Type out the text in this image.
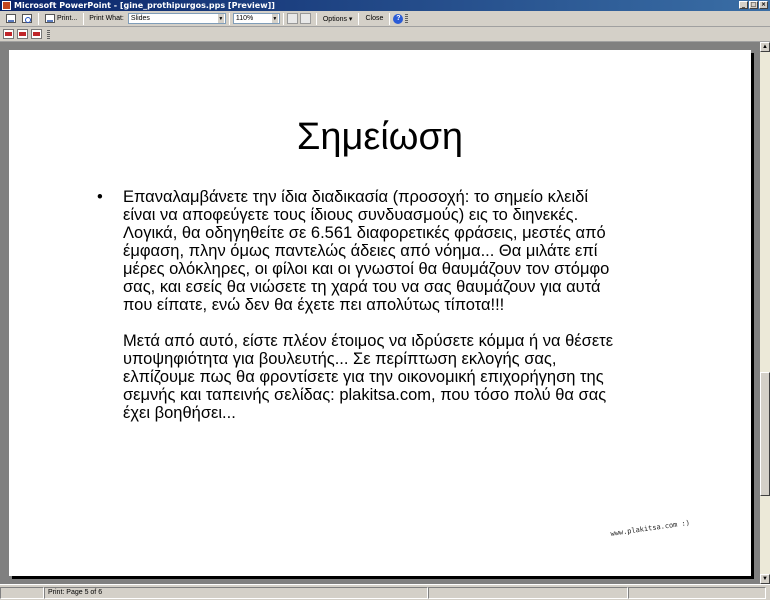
Microsoft PowerPoint - [gine_prothipurgos.pps [Preview]]	_ □ ×
Print... Print What: Slides	▼ 110%	▼	Options ▾	Close	?
Σημείωση
•	Επαναλαμβάνετε την ίδια διαδικασία (προσοχή: το σημείο κλειδί
είναι να αποφεύγετε τους ίδιους συνδυασμούς) εις το διηνεκές.
Λογικά, θα οδηγηθείτε σε 6.561 διαφορετικές φράσεις, μεστές από
έμφαση, πλην όμως παντελώς άδειες από νόημα... Θα μιλάτε επί
μέρες ολόκληρες, οι φίλοι και οι γνωστοί θα θαυμάζουν τον στόμφο
σας, και εσείς θα νιώσετε τη χαρά του να σας θαυμάζουν για αυτά
που είπατε, ενώ δεν θα έχετε πει απολύτως τίποτα!!!
Μετά από αυτό, είστε πλέον έτοιμος να ιδρύσετε κόμμα ή να θέσετε
υποψηφιότητα για βουλευτής... Σε περίπτωση εκλογής σας,
ελπίζουμε πως θα φροντίσετε για την οικονομική επιχορήγηση της
σεμνής και ταπεινής σελίδας: plakitsa.com, που τόσο πολύ θα σας
έχει βοηθήσει...
www.plakitsa.com :)
▲
▼
Print: Page 5 of 6
